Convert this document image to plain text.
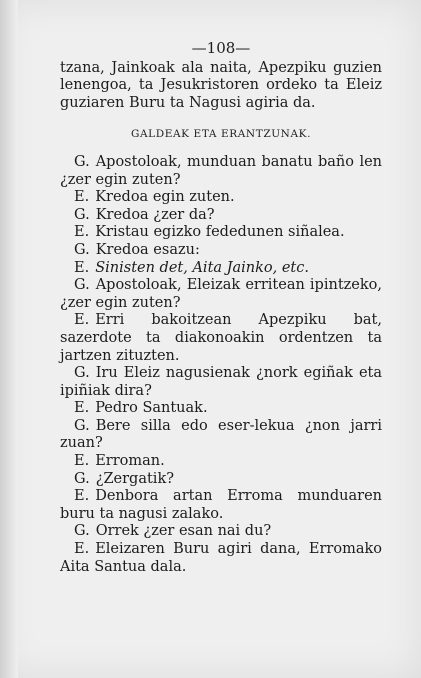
—108—

tzana, Jainkoak ala naita, Apezpiku guzien lenengoa, ta Jesukristoren ordeko ta Eleiz guziaren Buru ta Nagusi agiria da.

GALDEAK ETA ERANTZUNAK.

G. Apostoloak, munduan banatu baño len ¿zer egin zuten?

E. Kredoa egin zuten.

G. Kredoa ¿zer da?

E. Kristau egizko fededunen siñalea.

G. Kredoa esazu:

E. Sinisten det, Aita Jainko, etc.

G. Apostoloak, Eleizak erritean ipintzeko, ¿zer egin zuten?

E. Erri bakoitzean Apezpiku bat, sazerdote ta diakonoakin ordentzen ta jartzen zituzten.

G. Iru Eleiz nagusienak ¿nork egiñak eta ipiñiak dira?

E. Pedro Santuak.

G. Bere silla edo eser-lekua ¿non jarri zuan?

E. Erroman.

G. ¿Zergatik?

E. Denbora artan Erroma munduaren buru ta nagusi zalako.

G. Orrek ¿zer esan nai du?

E. Eleizaren Buru agiri dana, Erromako Aita Santua dala.
